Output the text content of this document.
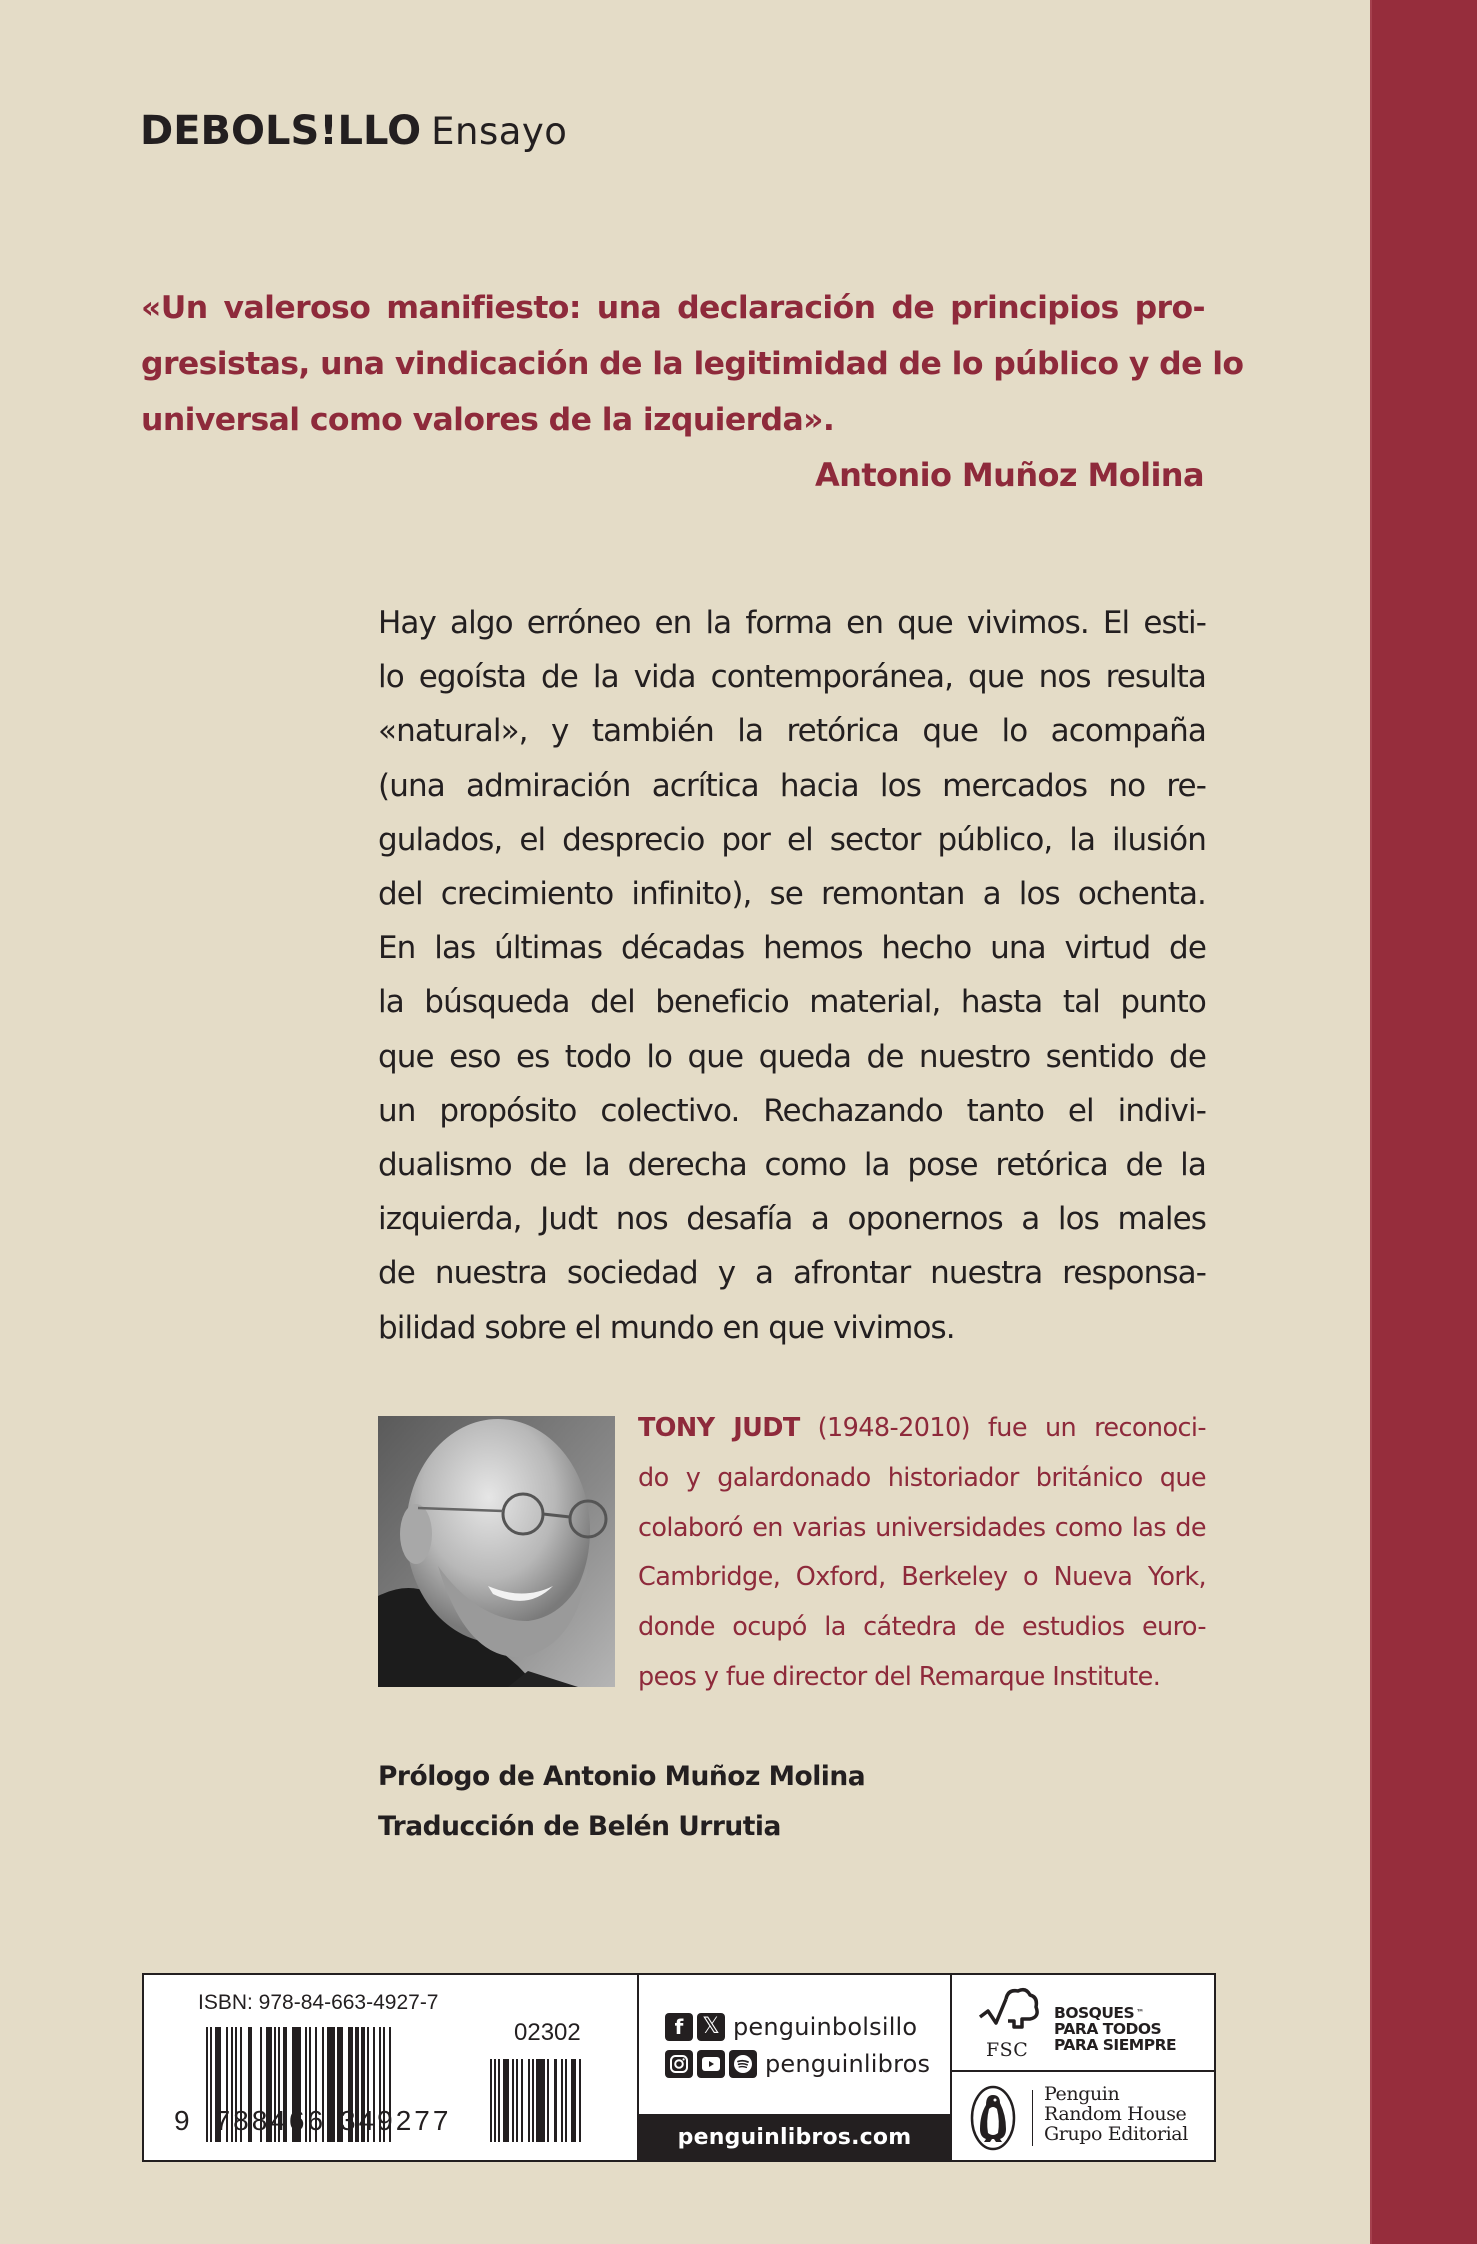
DEBOLS!LLO Ensayo
«Un valeroso manifiesto: una declaración de principios pro-
gresistas, una vindicación de la legitimidad de lo público y de lo
universal como valores de la izquierda».
Antonio Muñoz Molina
Hay algo erróneo en la forma en que vivimos. El esti-
lo egoísta de la vida contemporánea, que nos resulta
«natural», y también la retórica que lo acompaña
(una admiración acrítica hacia los mercados no re-
gulados, el desprecio por el sector público, la ilusión
del crecimiento infinito), se remontan a los ochenta.
En las últimas décadas hemos hecho una virtud de
la búsqueda del beneficio material, hasta tal punto
que eso es todo lo que queda de nuestro sentido de
un propósito colectivo. Rechazando tanto el indivi-
dualismo de la derecha como la pose retórica de la
izquierda, Judt nos desafía a oponernos a los males
de nuestra sociedad y a afrontar nuestra responsa-
bilidad sobre el mundo en que vivimos.
TONY JUDT (1948-2010) fue un reconoci-
do y galardonado historiador británico que
colaboró en varias universidades como las de
Cambridge, Oxford, Berkeley o Nueva York,
donde ocupó la cátedra de estudios euro-
peos y fue director del Remarque Institute.
Prólogo de Antonio Muñoz Molina
Traducción de Belén Urrutia
ISBN: 978-84-663-4927-7
9 788466 349277
02302	f 𝕏 penguinbolsillo
penguinlibros
penguinlibros.com
FSC
BOSQUES ™
PARA TODOS
PARA SIEMPRE
Penguin
Random House
Grupo Editorial
